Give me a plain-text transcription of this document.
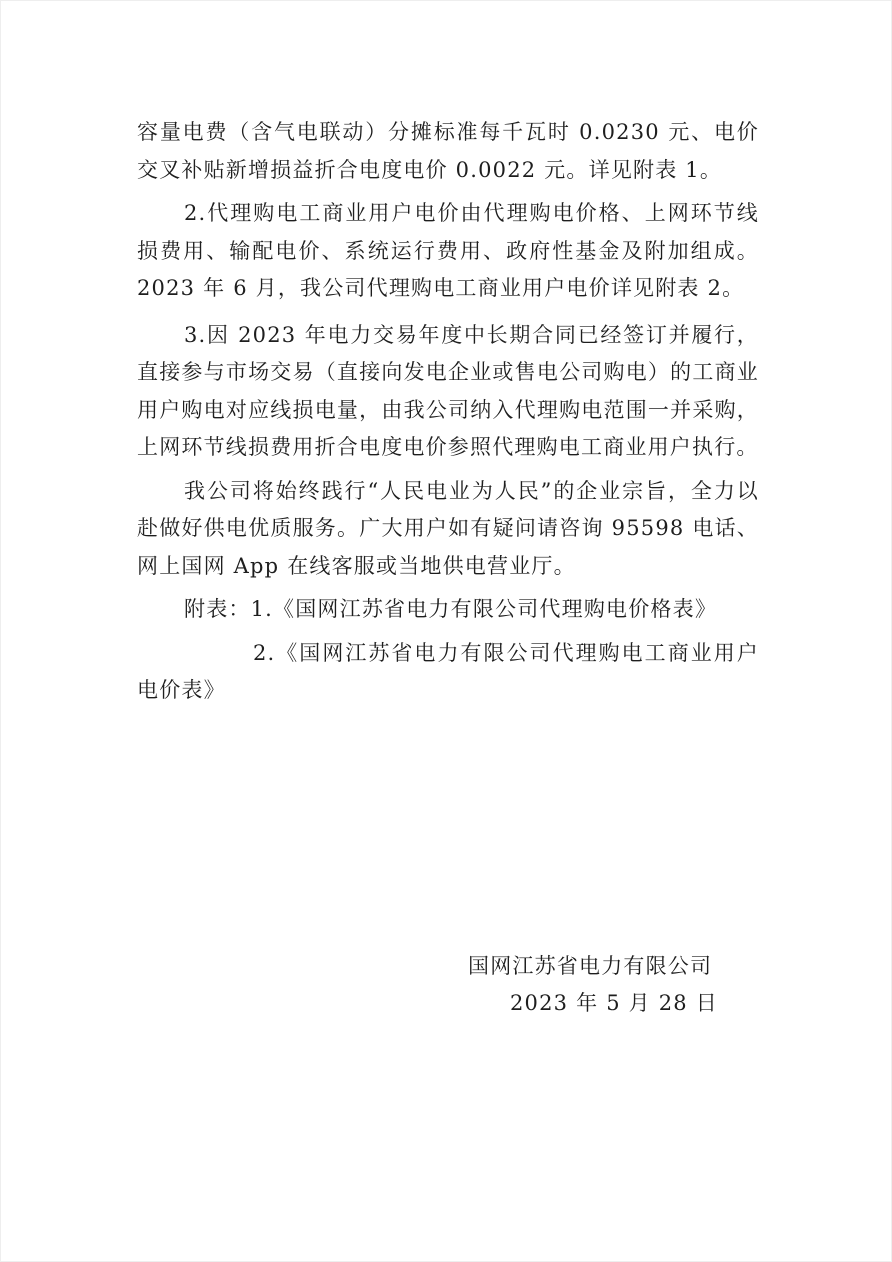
容量电费（含气电联动）分摊标准每千瓦时 0.0230 元、电价交叉补贴新增损益折合电度电价 0.0022 元。详见附表 1。

2.代理购电工商业用户电价由代理购电价格、上网环节线损费用、输配电价、系统运行费用、政府性基金及附加组成。2023 年 6 月，我公司代理购电工商业用户电价详见附表 2。

3.因 2023 年电力交易年度中长期合同已经签订并履行，直接参与市场交易（直接向发电企业或售电公司购电）的工商业用户购电对应线损电量，由我公司纳入代理购电范围一并采购，上网环节线损费用折合电度电价参照代理购电工商业用户执行。

我公司将始终践行“人民电业为人民”的企业宗旨，全力以赴做好供电优质服务。广大用户如有疑问请咨询 95598 电话、网上国网 App 在线客服或当地供电营业厅。

附表：1.《国网江苏省电力有限公司代理购电价格表》

2.《国网江苏省电力有限公司代理购电工商业用户电价表》

国网江苏省电力有限公司
2023 年 5 月 28 日
